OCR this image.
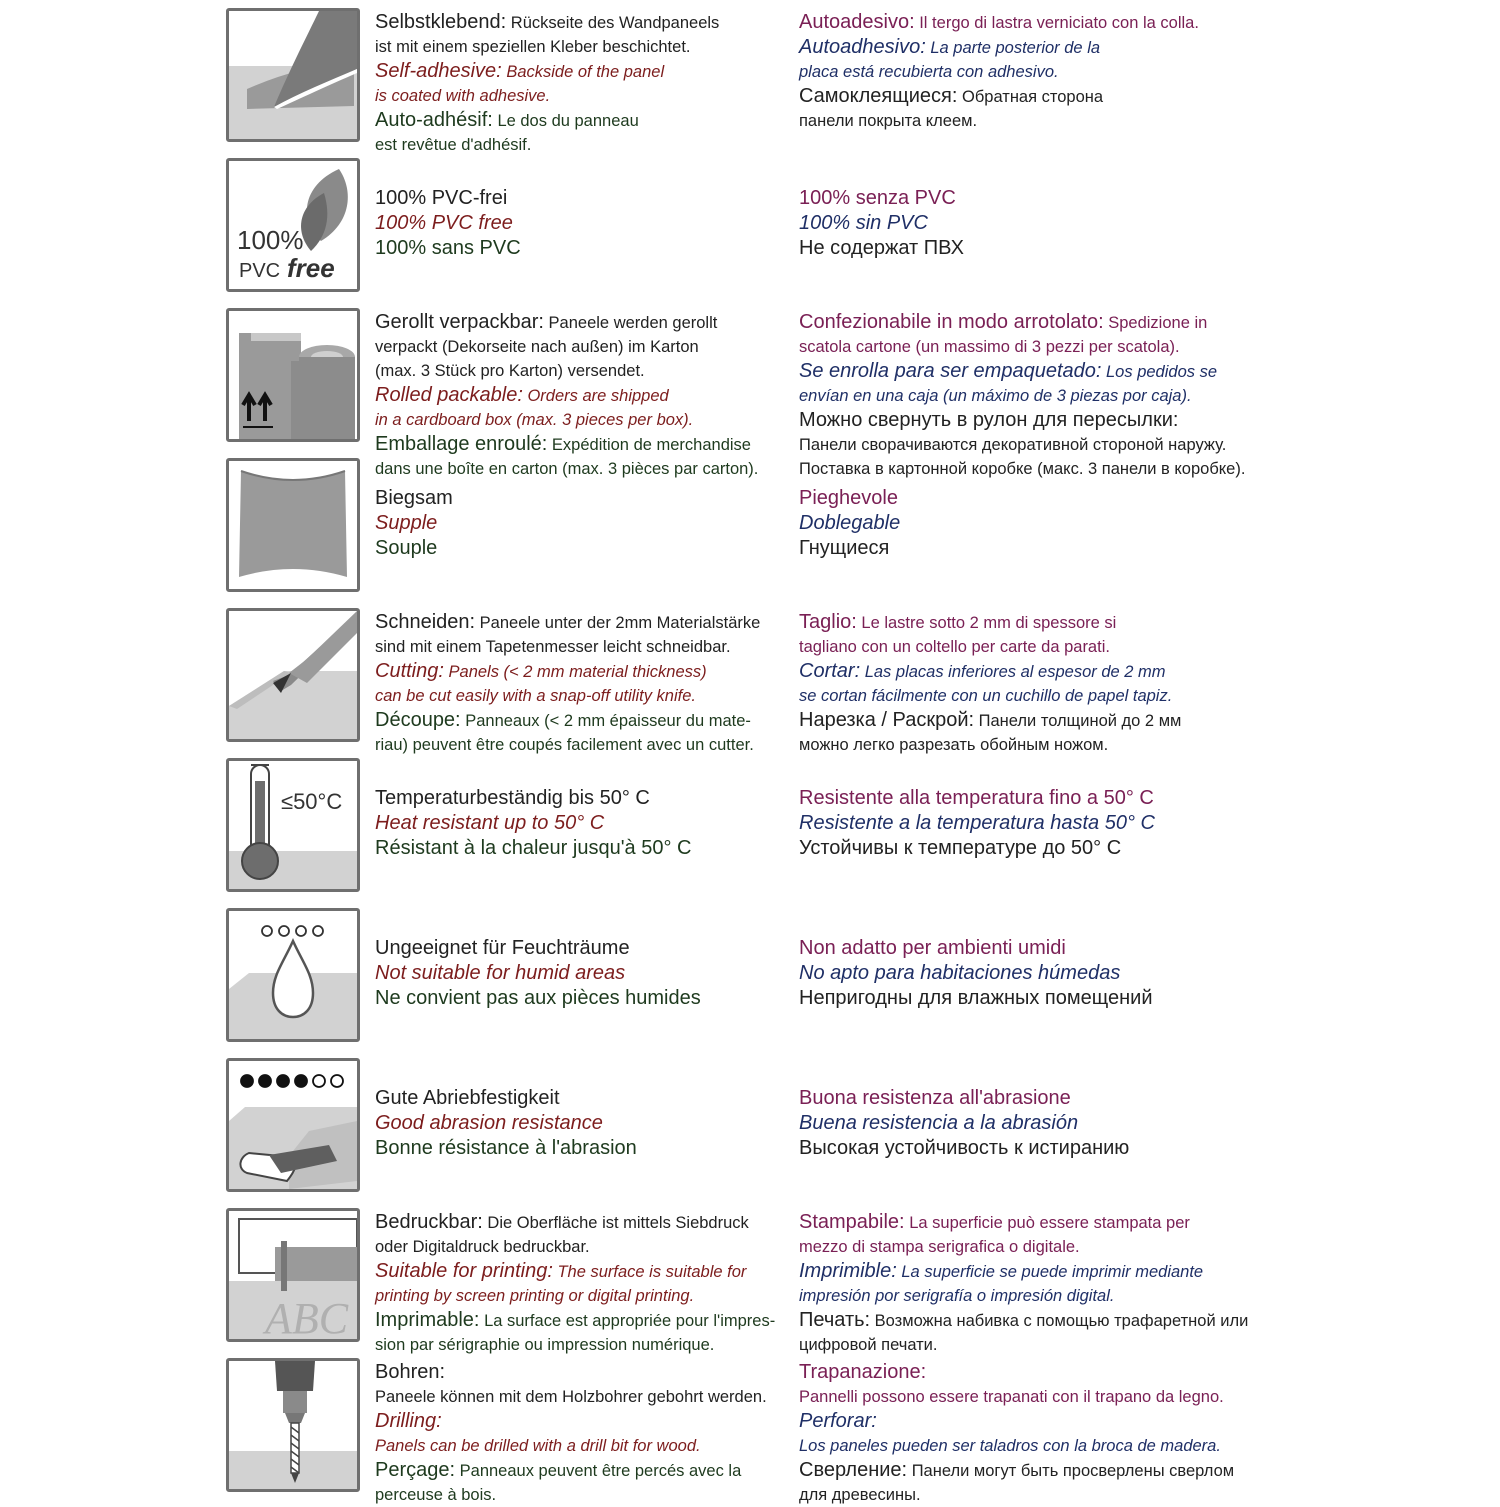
Selbstklebend: Rückseite des Wandpaneels
ist mit einem speziellen Kleber beschichtet.
Self-adhesive: Backside of the panel
is coated with adhesive.
Auto-adhésif: Le dos du panneau
est revêtue d'adhésif.
Autoadesivo: Il tergo di lastra verniciato con la colla.
Autoadhesivo: La parte posterior de la
placa está recubierta con adhesivo.
Самоклеящиеся: Обратная сторона
панели покрыта клеем.
100%
PVC free
100% PVC-frei
100% PVC free
100% sans PVC
100% senza PVC
100% sin PVC
Не содержат ПВХ
Gerollt verpackbar: Paneele werden gerollt
verpackt (Dekorseite nach außen) im Karton
(max. 3 Stück pro Karton) versendet.
Rolled packable: Orders are shipped
in a cardboard box (max. 3 pieces per box).
Emballage enroulé: Expédition de merchandise
dans une boîte en carton (max. 3 pièces par carton).
Confezionabile in modo arrotolato: Spedizione in
scatola cartone (un massimo di 3 pezzi per scatola).
Se enrolla para ser empaquetado: Los pedidos se
envían en una caja (un máximo de 3 piezas por caja).
Можно свернуть в рулон для пересылки:
Панели сворачиваются декоративной стороной наружу.
Поставка в картонной коробке (макс. 3 панели в коробке).
Biegsam
Supple
Souple
Pieghevole
Doblegable
Гнущиеся
Schneiden: Paneele unter der 2mm Materialstärke
sind mit einem Tapetenmesser leicht schneidbar.
Cutting: Panels (< 2 mm material thickness)
can be cut easily with a snap-off utility knife.
Découpe: Panneaux (< 2 mm épaisseur du mate-
riau) peuvent être coupés facilement avec un cutter.
Taglio: Le lastre sotto 2 mm di spessore si
tagliano con un coltello per carte da parati.
Cortar: Las placas inferiores al espesor de 2 mm
se cortan fácilmente con un cuchillo de papel tapiz.
Нарезка / Раскрой: Панели толщиной до 2 мм
можно легко разрезать обойным ножом.
≤50°C Temperaturbeständig bis 50° C
Heat resistant up to 50° C
Résistant à la chaleur jusqu'à 50° C
Resistente alla temperatura fino a 50° C
Resistente a la temperatura hasta 50° C
Устойчивы к температуре до 50° C
Ungeeignet für Feuchträume
Not suitable for humid areas
Ne convient pas aux pièces humides
Non adatto per ambienti umidi
No apto para habitaciones húmedas
Непригодны для влажных помещений
Gute Abriebfestigkeit
Good abrasion resistance
Bonne résistance à l'abrasion
Buona resistenza all'abrasione
Buena resistencia a la abrasión
Высокая устойчивость к истиранию
ABC
Bedruckbar: Die Oberfläche ist mittels Siebdruck
oder Digitaldruck bedruckbar.
Suitable for printing: The surface is suitable for
printing by screen printing or digital printing.
Imprimable: La surface est appropriée pour l'impres-
sion par sérigraphie ou impression numérique.
Stampabile: La superficie può essere stampata per
mezzo di stampa serigrafica o digitale.
Imprimible: La superficie se puede imprimir mediante
impresión por serigrafía o impresión digital.
Печать: Возможна набивка с помощью трафаретной или
цифровой печати.
Bohren:
Paneele können mit dem Holzbohrer gebohrt werden.
Drilling:
Panels can be drilled with a drill bit for wood.
Perçage: Panneaux peuvent être percés avec la
perceuse à bois.
Trapanazione:
Pannelli possono essere trapanati con il trapano da legno.
Perforar:
Los paneles pueden ser taladros con la broca de madera.
Сверление: Панели могут быть просверлены сверлом
для древесины.
